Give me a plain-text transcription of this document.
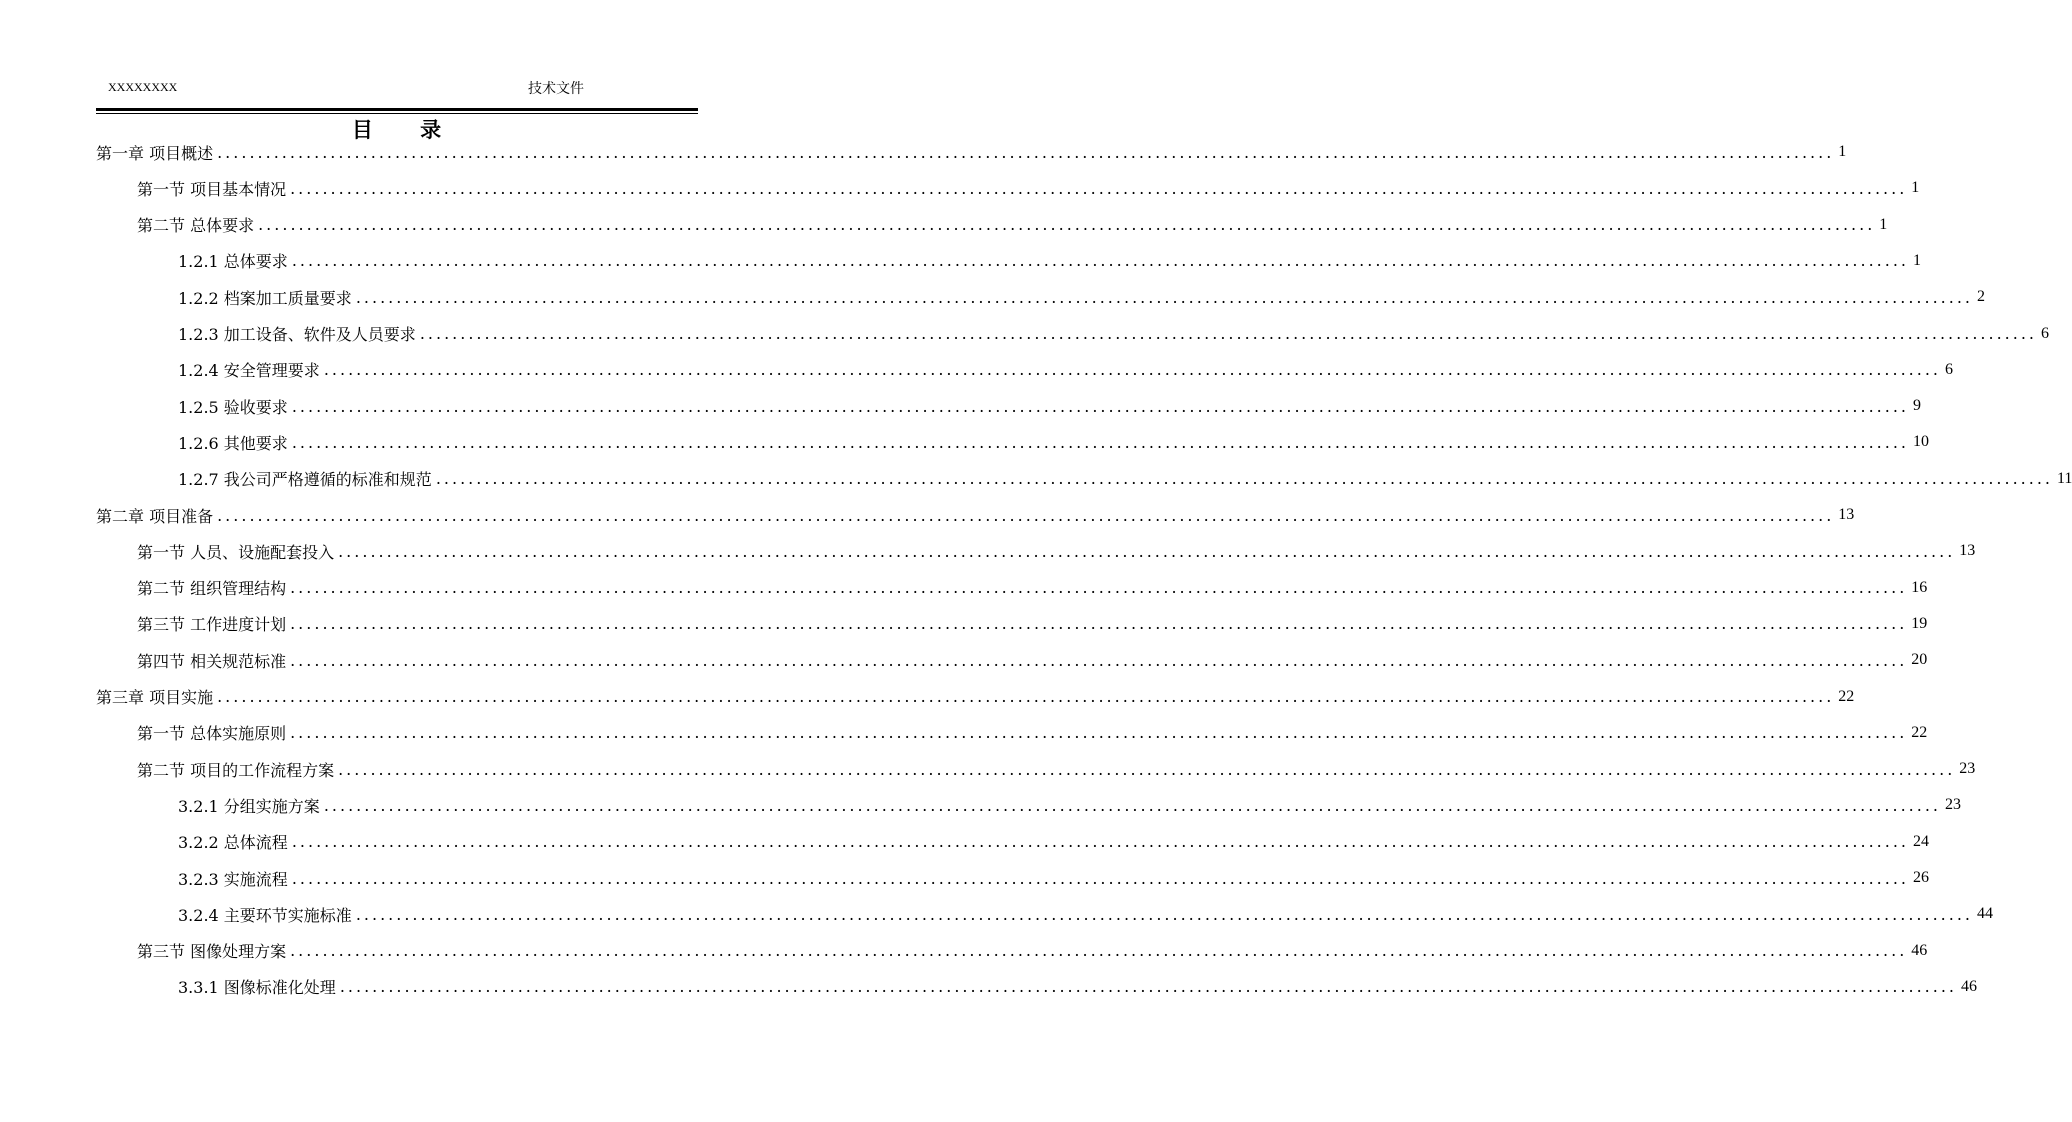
XXXXXXXX	技术文件
目 录
第一章 项目概述 ........................................................................................................................................................................................................ 1
第一节 项目基本情况 ........................................................................................................................................................................................................ 1
第二节 总体要求 ........................................................................................................................................................................................................ 1
1.2.1 总体要求 ........................................................................................................................................................................................................ 1
1.2.2 档案加工质量要求 ........................................................................................................................................................................................................ 2
1.2.3 加工设备、软件及人员要求 ........................................................................................................................................................................................................ 6
1.2.4 安全管理要求 ........................................................................................................................................................................................................ 6
1.2.5 验收要求 ........................................................................................................................................................................................................ 9
1.2.6 其他要求 ........................................................................................................................................................................................................ 10
1.2.7 我公司严格遵循的标准和规范 ........................................................................................................................................................................................................ 11
第二章 项目准备 ........................................................................................................................................................................................................ 13
第一节 人员、设施配套投入 ........................................................................................................................................................................................................ 13
第二节 组织管理结构 ........................................................................................................................................................................................................ 16
第三节 工作进度计划 ........................................................................................................................................................................................................ 19
第四节 相关规范标准 ........................................................................................................................................................................................................ 20
第三章 项目实施 ........................................................................................................................................................................................................ 22
第一节 总体实施原则 ........................................................................................................................................................................................................ 22
第二节 项目的工作流程方案 ........................................................................................................................................................................................................ 23
3.2.1 分组实施方案 ........................................................................................................................................................................................................ 23
3.2.2 总体流程 ........................................................................................................................................................................................................ 24
3.2.3 实施流程 ........................................................................................................................................................................................................ 26
3.2.4 主要环节实施标准 ........................................................................................................................................................................................................ 44
第三节 图像处理方案 ........................................................................................................................................................................................................ 46
3.3.1 图像标准化处理 ........................................................................................................................................................................................................ 46
